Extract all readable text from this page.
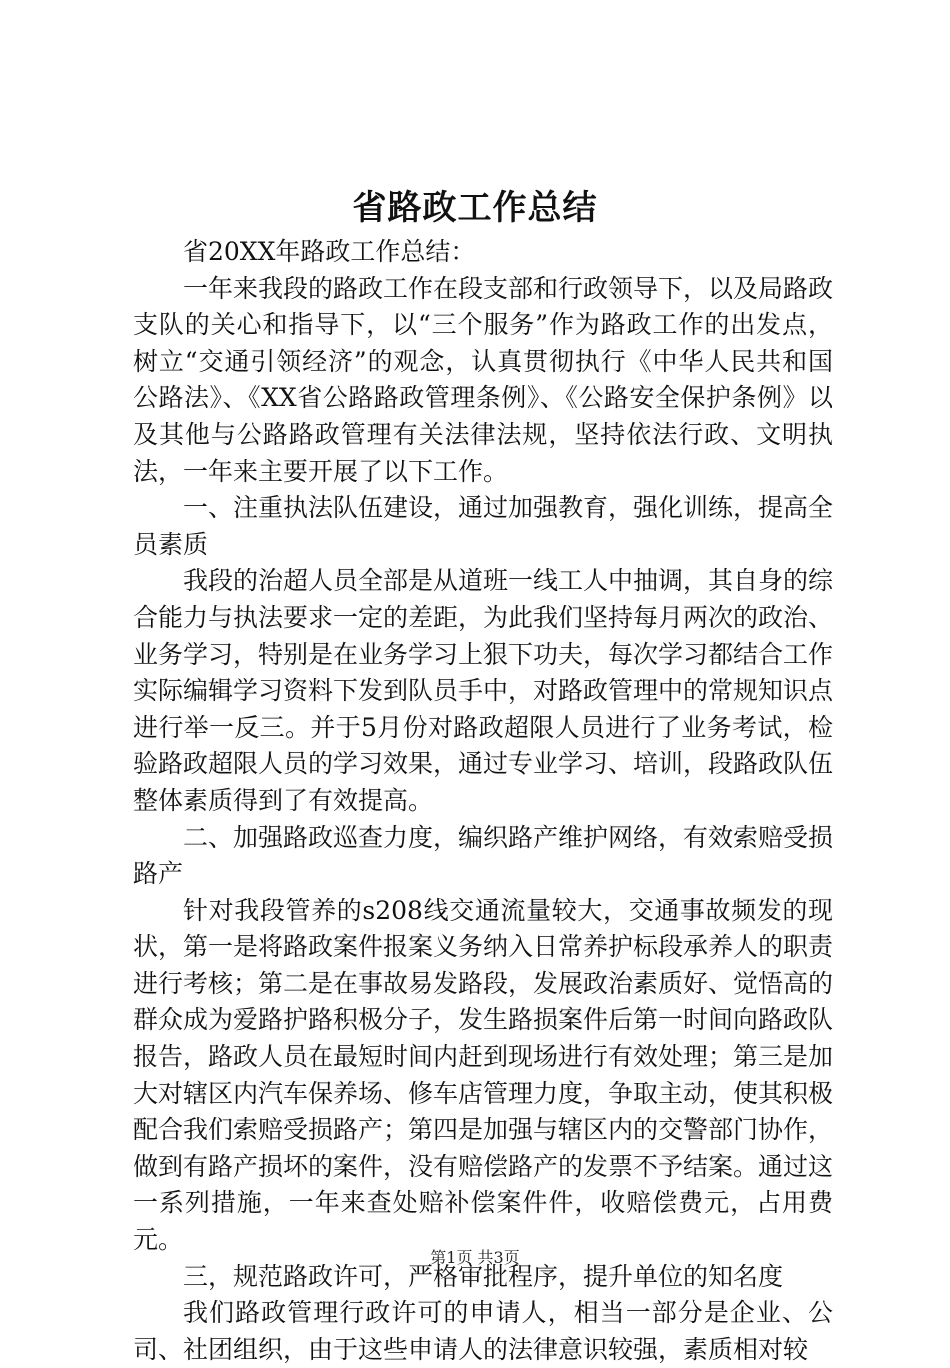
省路政工作总结

省20XX年路政工作总结：

一年来我段的路政工作在段支部和行政领导下，以及局路政支队的关心和指导下，以“三个服务”作为路政工作的出发点，树立“交通引领经济”的观念，认真贯彻执行《中华人民共和国公路法》、《XX省公路路政管理条例》、《公路安全保护条例》以及其他与公路路政管理有关法律法规，坚持依法行政、文明执法，一年来主要开展了以下工作。

一、注重执法队伍建设，通过加强教育，强化训练，提高全员素质

我段的治超人员全部是从道班一线工人中抽调，其自身的综合能力与执法要求一定的差距，为此我们坚持每月两次的政治、业务学习，特别是在业务学习上狠下功夫，每次学习都结合工作实际编辑学习资料下发到队员手中，对路政管理中的常规知识点进行举一反三。并于5月份对路政超限人员进行了业务考试，检验路政超限人员的学习效果，通过专业学习、培训，段路政队伍整体素质得到了有效提高。

二、加强路政巡查力度，编织路产维护网络，有效索赔受损路产

针对我段管养的s208线交通流量较大，交通事故频发的现状，第一是将路政案件报案义务纳入日常养护标段承养人的职责进行考核；第二是在事故易发路段，发展政治素质好、觉悟高的群众成为爱路护路积极分子，发生路损案件后第一时间向路政队报告，路政人员在最短时间内赶到现场进行有效处理；第三是加大对辖区内汽车保养场、修车店管理力度，争取主动，使其积极配合我们索赔受损路产；第四是加强与辖区内的交警部门协作，做到有路产损坏的案件，没有赔偿路产的发票不予结案。通过这一系列措施，一年来查处赔补偿案件件，收赔偿费元，占用费元。

三，规范路政许可，严格审批程序，提升单位的知名度

我们路政管理行政许可的申请人，相当一部分是企业、公司、社团组织，由于这些申请人的法律意识较强，素质相对较

第1页 共3页
